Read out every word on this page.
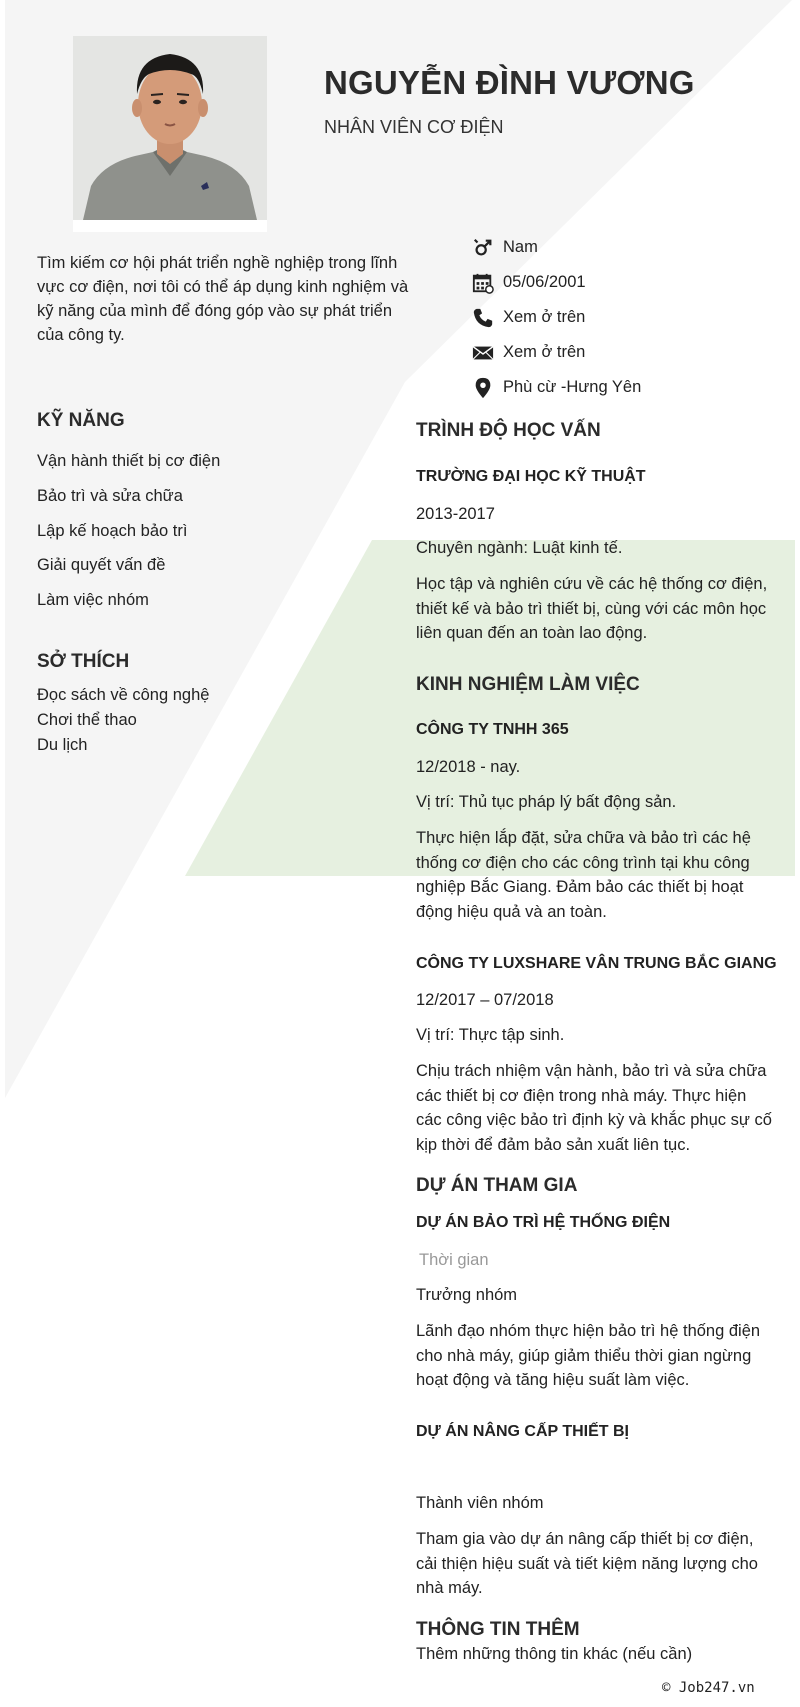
NGUYỄN ĐÌNH VƯƠNG
NHÂN VIÊN CƠ ĐIỆN
Tìm kiếm cơ hội phát triển nghề nghiệp trong lĩnh vực cơ điện, nơi tôi có thể áp dụng kinh nghiệm và kỹ năng của mình để đóng góp vào sự phát triển của công ty.
Nam
05/06/2001
Xem ở trên
Xem ở trên
Phù cừ -Hưng Yên
KỸ NĂNG
Vận hành thiết bị cơ điện
Bảo trì và sửa chữa
Lập kế hoạch bảo trì
Giải quyết vấn đề
Làm việc nhóm
SỞ THÍCH
Đọc sách về công nghệ
Chơi thể thao
Du lịch
TRÌNH ĐỘ HỌC VẤN
TRƯỜNG ĐẠI HỌC KỸ THUẬT
2013-2017
Chuyên ngành: Luật kinh tế.
Học tập và nghiên cứu về các hệ thống cơ điện, thiết kế và bảo trì thiết bị, cùng với các môn học liên quan đến an toàn lao động.
KINH NGHIỆM LÀM VIỆC
CÔNG TY TNHH 365
12/2018 - nay.
Vị trí: Thủ tục pháp lý bất động sản.
Thực hiện lắp đặt, sửa chữa và bảo trì các hệ thống cơ điện cho các công trình tại khu công nghiệp Bắc Giang. Đảm bảo các thiết bị hoạt động hiệu quả và an toàn.
CÔNG TY LUXSHARE VÂN TRUNG BẮC GIANG
12/2017 – 07/2018
Vị trí: Thực tập sinh.
Chịu trách nhiệm vận hành, bảo trì và sửa chữa các thiết bị cơ điện trong nhà máy. Thực hiện các công việc bảo trì định kỳ và khắc phục sự cố kịp thời để đảm bảo sản xuất liên tục.
DỰ ÁN THAM GIA
DỰ ÁN BẢO TRÌ HỆ THỐNG ĐIỆN
Thời gian
Trưởng nhóm
Lãnh đạo nhóm thực hiện bảo trì hệ thống điện cho nhà máy, giúp giảm thiểu thời gian ngừng hoạt động và tăng hiệu suất làm việc.
DỰ ÁN NÂNG CẤP THIẾT BỊ
Thành viên nhóm
Tham gia vào dự án nâng cấp thiết bị cơ điện, cải thiện hiệu suất và tiết kiệm năng lượng cho nhà máy.
THÔNG TIN THÊM
Thêm những thông tin khác (nếu cần)
© Job247.vn
